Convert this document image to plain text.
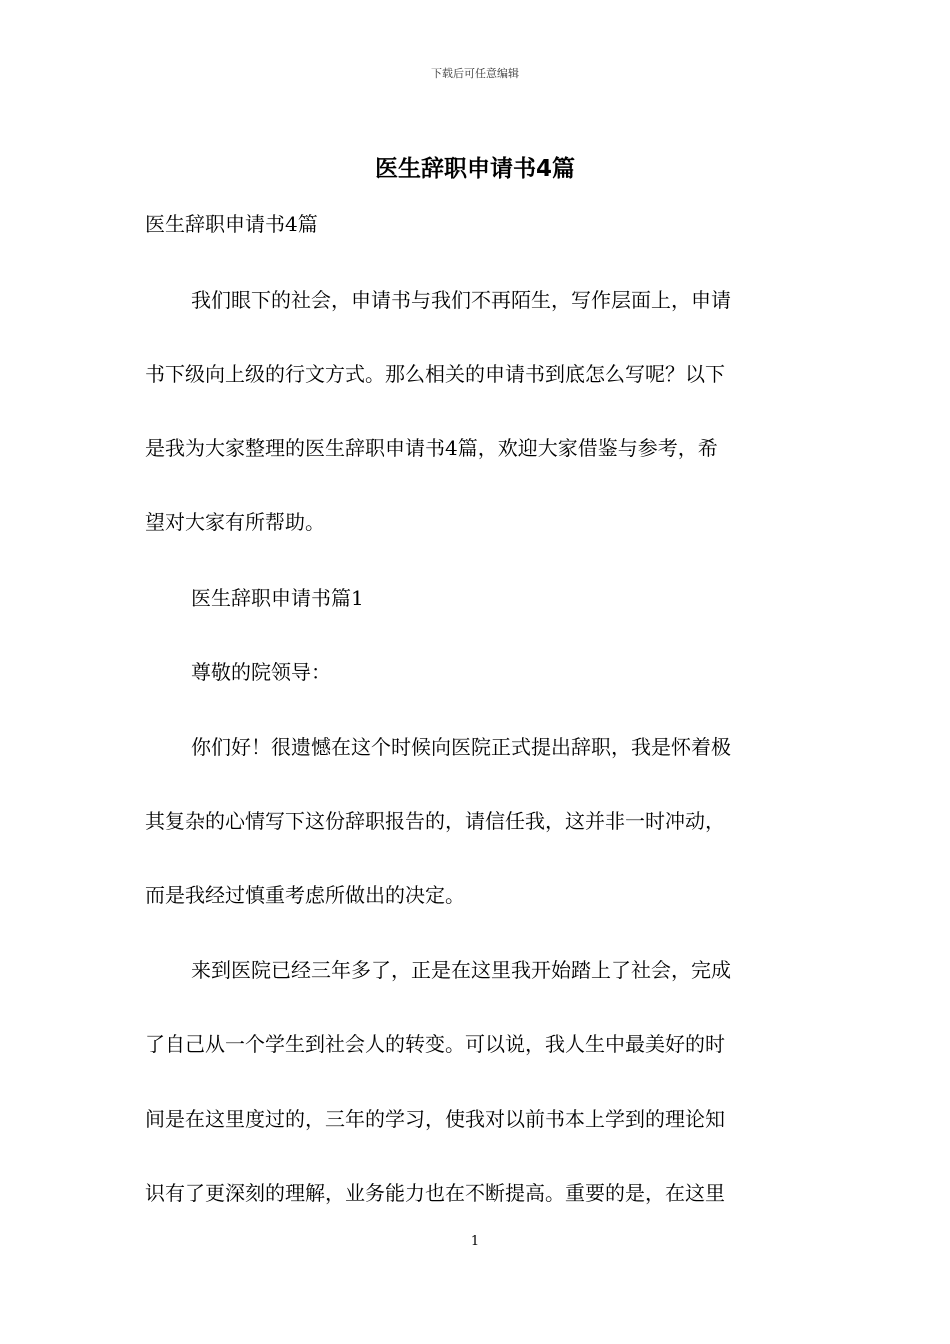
下载后可任意编辑
医生辞职申请书4篇
医生辞职申请书4篇
我们眼下的社会，申请书与我们不再陌生，写作层面上，申请
书下级向上级的行文方式。那么相关的申请书到底怎么写呢？以下
是我为大家整理的医生辞职申请书4篇，欢迎大家借鉴与参考，希
望对大家有所帮助。
医生辞职申请书篇1
尊敬的院领导：
你们好！很遗憾在这个时候向医院正式提出辞职，我是怀着极
其复杂的心情写下这份辞职报告的，请信任我，这并非一时冲动，
而是我经过慎重考虑所做出的决定。
来到医院已经三年多了，正是在这里我开始踏上了社会，完成
了自己从一个学生到社会人的转变。可以说，我人生中最美好的时
间是在这里度过的，三年的学习，使我对以前书本上学到的理论知
识有了更深刻的理解，业务能力也在不断提高。重要的是，在这里
1
